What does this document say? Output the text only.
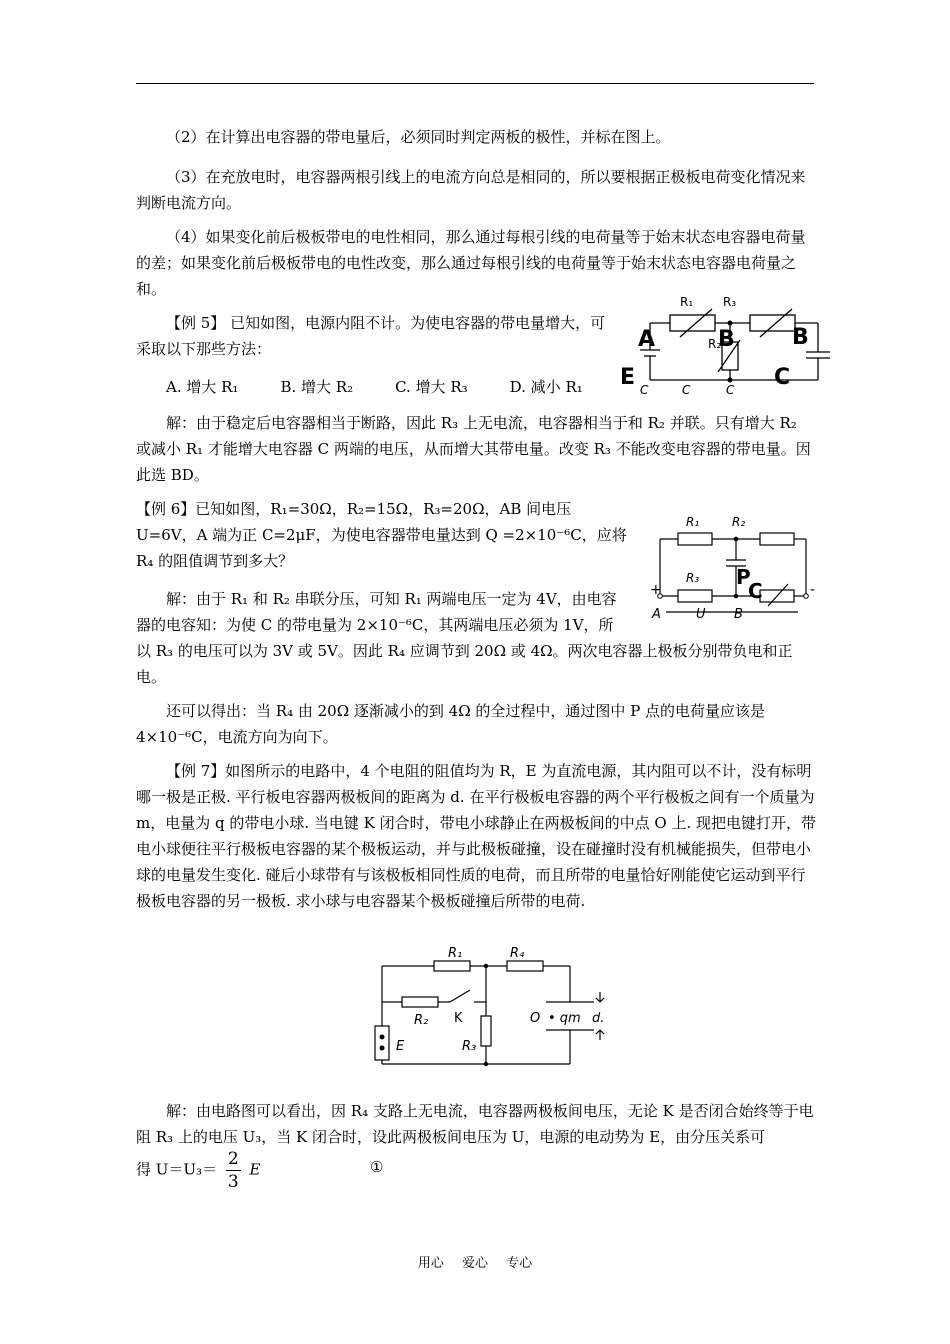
（2）在计算出电容器的带电量后，必须同时判定两板的极性，并标在图上。

（3）在充放电时，电容器两根引线上的电流方向总是相同的，所以要根据正极板电荷变化情况来判断电流方向。

（4）如果变化前后极板带电的电性相同，那么通过每根引线的电荷量等于始末状态电容器电荷量的差；如果变化前后极板带电的电性改变，那么通过每根引线的电荷量等于始末状态电容器电荷量之和。

【例 5】 已知如图，电源内阻不计。为使电容器的带电量增大，可采取以下那些方法：

A. 增大 R₁	B. 增大 R₂	C. 增大 R₃	D. 减小 R₁
R₁ R₃
R₂
A	B	B
E	C
C	C	C

解：由于稳定后电容器相当于断路，因此 R₃ 上无电流，电容器相当于和 R₂ 并联。只有增大 R₂ 或减小 R₁ 才能增大电容器 C 两端的电压，从而增大其带电量。改变 R₃ 不能改变电容器的带电量。因此选 BD。

【例 6】已知如图，R₁=30Ω，R₂=15Ω，R₃=20Ω，AB 间电压 U=6V，A 端为正 C=2μF，为使电容器带电量达到 Q =2×10⁻⁶C，应将 R₄ 的阻值调节到多大？

R₁	R₂
R₃ P
C
+	-
A	U B

解：由于 R₁ 和 R₂ 串联分压，可知 R₁ 两端电压一定为 4V，由电容器的电容知：为使 C 的带电量为 2×10⁻⁶C，其两端电压必须为 1V，所

以 R₃ 的电压可以为 3V 或 5V。因此 R₄ 应调节到 20Ω 或 4Ω。两次电容器上极板分别带负电和正电。

还可以得出：当 R₄ 由 20Ω 逐渐减小的到 4Ω 的全过程中，通过图中 P 点的电荷量应该是 4×10⁻⁶C，电流方向为向下。

【例 7】如图所示的电路中，4 个电阻的阻值均为 R，E 为直流电源，其内阻可以不计，没有标明哪一极是正极. 平行板电容器两极板间的距离为 d. 在平行极板电容器的两个平行极板之间有一个质量为 m，电量为 q 的带电小球. 当电键 K 闭合时，带电小球静止在两极板间的中点 O 上. 现把电键打开，带电小球便往平行极板电容器的某个极板运动，并与此极板碰撞，设在碰撞时没有机械能损失，但带电小球的电量发生变化. 碰后小球带有与该极板相同性质的电荷，而且所带的电量恰好刚能使它运动到平行极板电容器的另一极板. 求小球与电容器某个极板碰撞后所带的电荷.

R₁	R₄
R₂ K
R₃
E
O • qm d.

解：由电路图可以看出，因 R₄ 支路上无电流，电容器两极板间电压，无论 K 是否闭合始终等于电阻 R₃ 上的电压 U₃，当 K 闭合时，设此两极板间电压为 U，电源的电动势为 E，由分压关系可

得 $U=U_3= \frac{2}{3}$ E	①
用心 爱心 专心
